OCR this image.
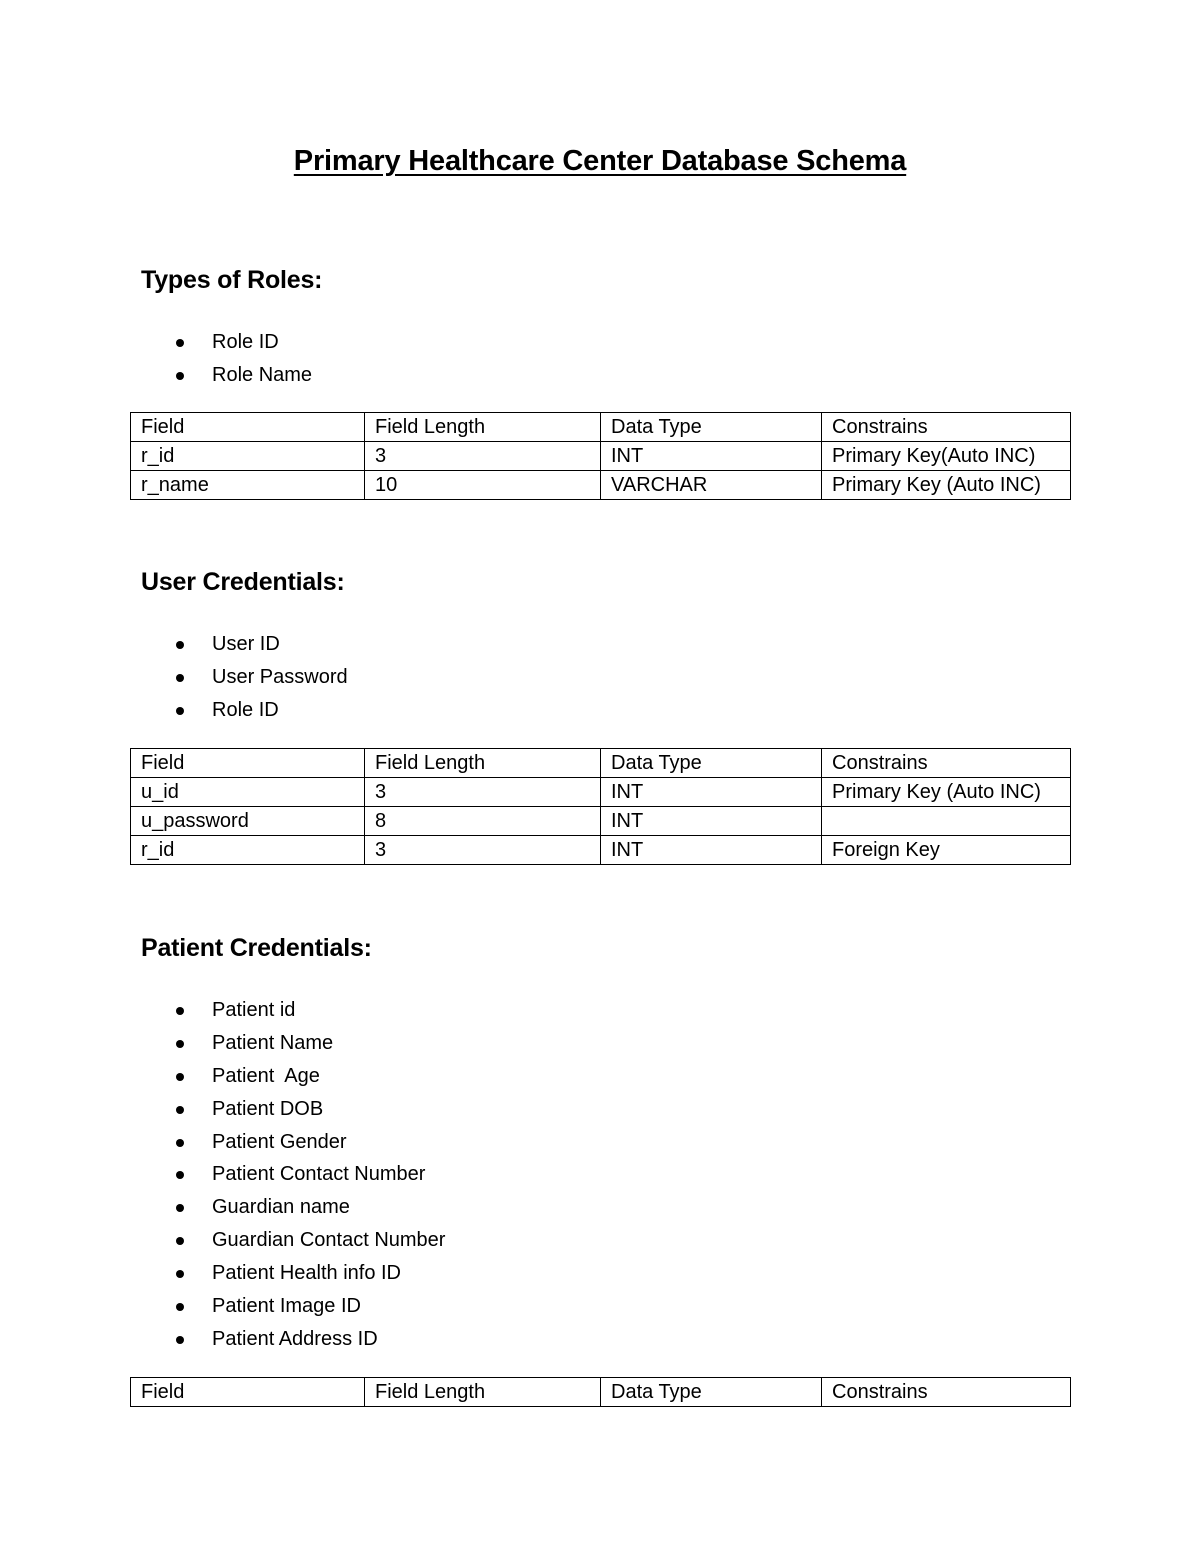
Primary Healthcare Center Database Schema
Types of Roles:
Role ID
Role Name
Field	Field Length	Data Type	Constrains
r_id	3	INT	Primary Key(Auto INC)
r_name	10	VARCHAR	Primary Key (Auto INC)
User Credentials:
User ID
User Password
Role ID
Field	Field Length	Data Type	Constrains
u_id	3	INT	Primary Key (Auto INC)
u_password	8	INT	
r_id	3	INT	Foreign Key
Patient Credentials:
Patient id
Patient Name
Patient  Age
Patient DOB
Patient Gender
Patient Contact Number
Guardian name
Guardian Contact Number
Patient Health info ID
Patient Image ID
Patient Address ID
Field	Field Length	Data Type	Constrains
